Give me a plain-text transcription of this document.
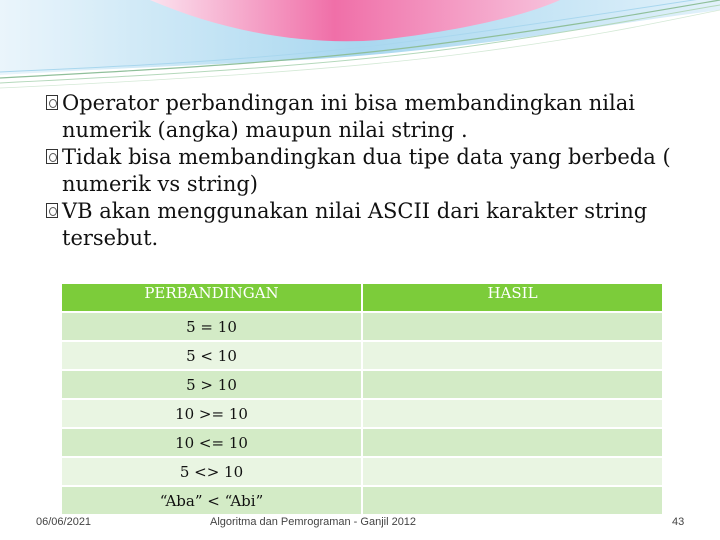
Operator perbandingan ini bisa membandingkan nilai
numerik (angka) maupun nilai string .

Tidak bisa membandingkan dua tipe data yang berbeda (
numerik vs string)

VB akan menggunakan nilai ASCII dari karakter string
tersebut.

PERBANDINGAN	HASIL
5 = 10	
5 < 10	
5 > 10	
10 >= 10	
10 <= 10	
5 <> 10	
“Aba” < “Abi”	
06/06/2021	Algoritma dan Pemrograman - Ganjil 2012	43
